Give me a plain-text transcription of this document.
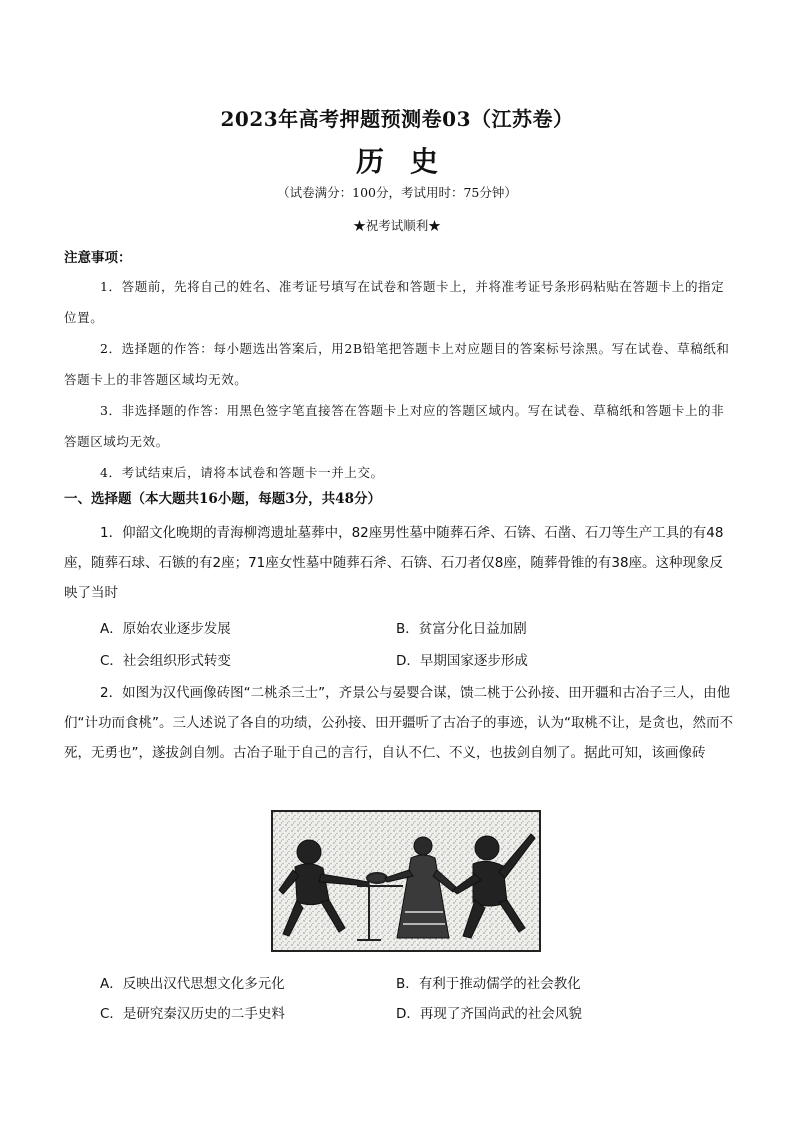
2023年高考押题预测卷03（江苏卷）
历史
（试卷满分：100分，考试用时：75分钟）
★祝考试顺利★
注意事项：
1．答题前，先将自己的姓名、准考证号填写在试卷和答题卡上，并将准考证号条形码粘贴在答题卡上的指定位置。
2．选择题的作答：每小题选出答案后，用2B铅笔把答题卡上对应题目的答案标号涂黑。写在试卷、草稿纸和答题卡上的非答题区域均无效。
3．非选择题的作答：用黑色签字笔直接答在答题卡上对应的答题区域内。写在试卷、草稿纸和答题卡上的非答题区域均无效。
4．考试结束后，请将本试卷和答题卡一并上交。
一、选择题（本大题共16小题，每题3分，共48分）
1．仰韶文化晚期的青海柳湾遗址墓葬中，82座男性墓中随葬石斧、石锛、石凿、石刀等生产工具的有48座，随葬石球、石镞的有2座；71座女性墓中随葬石斧、石锛、石刀者仅8座，随葬骨锥的有38座。这种现象反映了当时
A．原始农业逐步发展	B．贫富分化日益加剧
C．社会组织形式转变	D．早期国家逐步形成
2．如图为汉代画像砖图“二桃杀三士”，齐景公与晏婴合谋，馈二桃于公孙接、田开疆和古冶子三人，由他们“计功而食桃”。三人述说了各自的功绩，公孙接、田开疆听了古冶子的事迹，认为“取桃不让，是贪也，然而不死，无勇也”，遂拔剑自刎。古冶子耻于自己的言行，自认不仁、不义，也拔剑自刎了。据此可知，该画像砖
A．反映出汉代思想文化多元化	B．有利于推动儒学的社会教化
C．是研究秦汉历史的二手史料	D．再现了齐国尚武的社会风貌
